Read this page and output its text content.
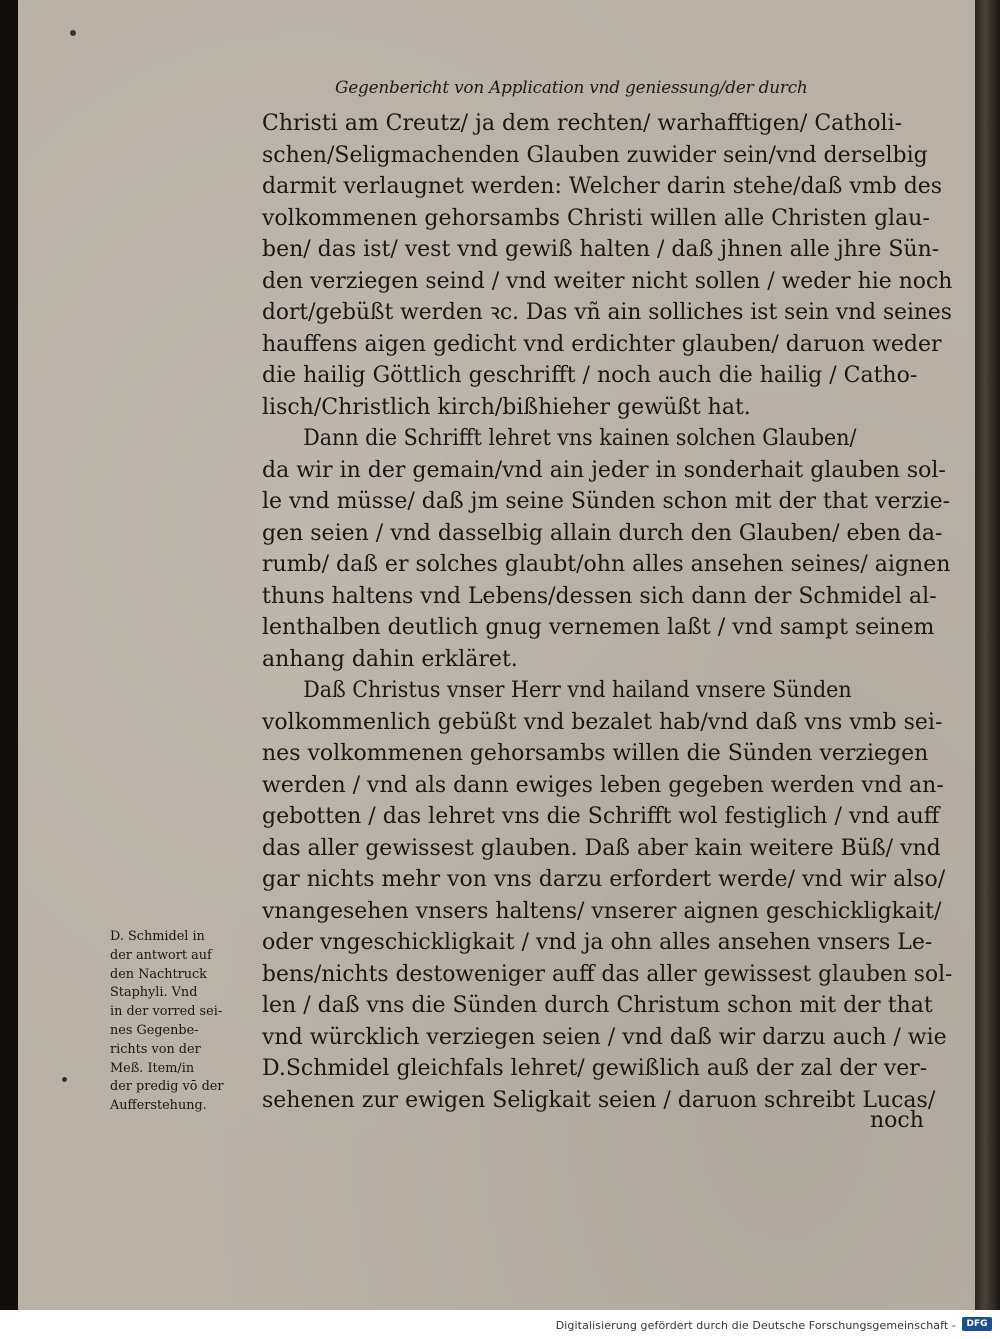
Gegenbericht von Application vnd geniessung/der durch
Christi am Creutz/ ja dem rechten/ warhafftigen/ Catholi-
schen/Seligmachenden Glauben zuwider sein/vnd derselbig
darmit verlaugnet werden: Welcher darin stehe/daß vmb des
volkommenen gehorsambs Christi willen alle Christen glau-
ben/ das ist/ vest vnd gewiß halten / daß jhnen alle jhre Sün-
den verziegen seind / vnd weiter nicht sollen / weder hie noch
dort/gebüßt werden ꝛc. Das vñ ain solliches ist sein vnd seines
hauffens aigen gedicht vnd erdichter glauben/ daruon weder
die hailig Göttlich geschrifft / noch auch die hailig / Catho-
lisch/Christlich kirch/bißhieher gewüßt hat.
Dann die Schrifft lehret vns kainen solchen Glauben/
da wir in der gemain/vnd ain jeder in sonderhait glauben sol-
le vnd müsse/ daß jm seine Sünden schon mit der that verzie-
gen seien / vnd dasselbig allain durch den Glauben/ eben da-
rumb/ daß er solches glaubt/ohn alles ansehen seines/ aignen
thuns haltens vnd Lebens/dessen sich dann der Schmidel al-
lenthalben deutlich gnug vernemen laßt / vnd sampt seinem
anhang dahin erkläret.
Daß Christus vnser Herr vnd hailand vnsere Sünden
volkommenlich gebüßt vnd bezalet hab/vnd daß vns vmb sei-
nes volkommenen gehorsambs willen die Sünden verziegen
werden / vnd als dann ewiges leben gegeben werden vnd an-
gebotten / das lehret vns die Schrifft wol festiglich / vnd auff
das aller gewissest glauben. Daß aber kain weitere Büß/ vnd
gar nichts mehr von vns darzu erfordert werde/ vnd wir also/
vnangesehen vnsers haltens/ vnserer aignen geschickligkait/
oder vngeschickligkait / vnd ja ohn alles ansehen vnsers Le-
bens/nichts destoweniger auff das aller gewissest glauben sol-
len / daß vns die Sünden durch Christum schon mit der that
vnd würcklich verziegen seien / vnd daß wir darzu auch / wie
D.Schmidel gleichfals lehret/ gewißlich auß der zal der ver-
sehenen zur ewigen Seligkait seien / daruon schreibt Lucas/
D. Schmidel in
der antwort auf
den Nachtruck
Staphyli. Vnd
in der vorred sei-
nes Gegenbe-
richts von der
Meß. Item/in
der predig vō der
Aufferstehung.
noch
Digitalisierung gefördert durch die Deutsche Forschungsgemeinschaft -	DFG
